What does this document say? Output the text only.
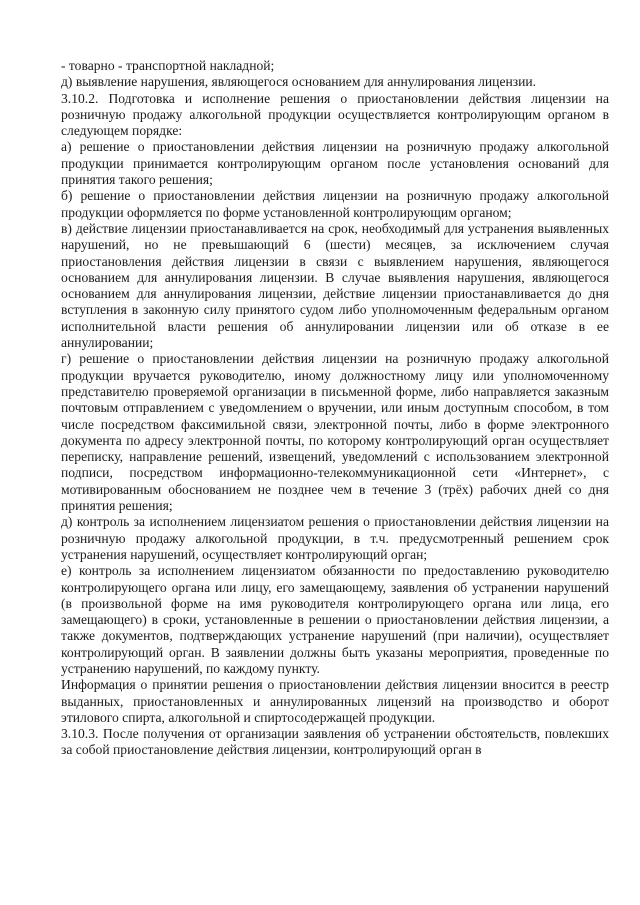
- товарно - транспортной накладной;

д) выявление нарушения, являющегося основанием для аннулирования лицензии.

3.10.2. Подготовка и исполнение решения о приостановлении действия лицензии на розничную продажу алкогольной продукции осуществляется контролирующим органом в следующем порядке:

а) решение о приостановлении действия лицензии на розничную продажу алкогольной продукции принимается контролирующим органом после установления оснований для принятия такого решения;

б) решение о приостановлении действия лицензии на розничную продажу алкогольной продукции оформляется по форме установленной контролирующим органом;

в) действие лицензии приостанавливается на срок, необходимый для устранения выявленных нарушений, но не превышающий 6 (шести) месяцев, за исключением случая приостановления действия лицензии в связи с выявлением нарушения, являющегося основанием для аннулирования лицензии. В случае выявления нарушения, являющегося основанием для аннулирования лицензии, действие лицензии приостанавливается до дня вступления в законную силу принятого судом либо уполномоченным федеральным органом исполнительной власти решения об аннулировании лицензии или об отказе в ее аннулировании;

г) решение о приостановлении действия лицензии на розничную продажу алкогольной продукции вручается руководителю, иному должностному лицу или уполномоченному представителю проверяемой организации в письменной форме, либо направляется заказным почтовым отправлением с уведомлением о вручении, или иным доступным способом, в том числе посредством факсимильной связи, электронной почты, либо в форме электронного документа по адресу электронной почты, по которому контролирующий орган осуществляет переписку, направление решений, извещений, уведомлений с использованием электронной подписи, посредством информационно-телекоммуникационной сети «Интернет», с мотивированным обоснованием не позднее чем в течение 3 (трёх) рабочих дней со дня принятия решения;

д) контроль за исполнением лицензиатом решения о приостановлении действия лицензии на розничную продажу алкогольной продукции, в т.ч. предусмотренный решением срок устранения нарушений, осуществляет контролирующий орган;

е) контроль за исполнением лицензиатом обязанности по предоставлению руководителю контролирующего органа или лицу, его замещающему, заявления об устранении нарушений (в произвольной форме на имя руководителя контролирующего органа или лица, его замещающего) в сроки, установленные в решении о приостановлении действия лицензии, а также документов, подтверждающих устранение нарушений (при наличии), осуществляет контролирующий орган. В заявлении должны быть указаны мероприятия, проведенные по устранению нарушений, по каждому пункту.

Информация о принятии решения о приостановлении действия лицензии вносится в реестр выданных, приостановленных и аннулированных лицензий на производство и оборот этилового спирта, алкогольной и спиртосодержащей продукции.

3.10.3. После получения от организации заявления об устранении обстоятельств, повлекших за собой приостановление действия лицензии, контролирующий орган в
